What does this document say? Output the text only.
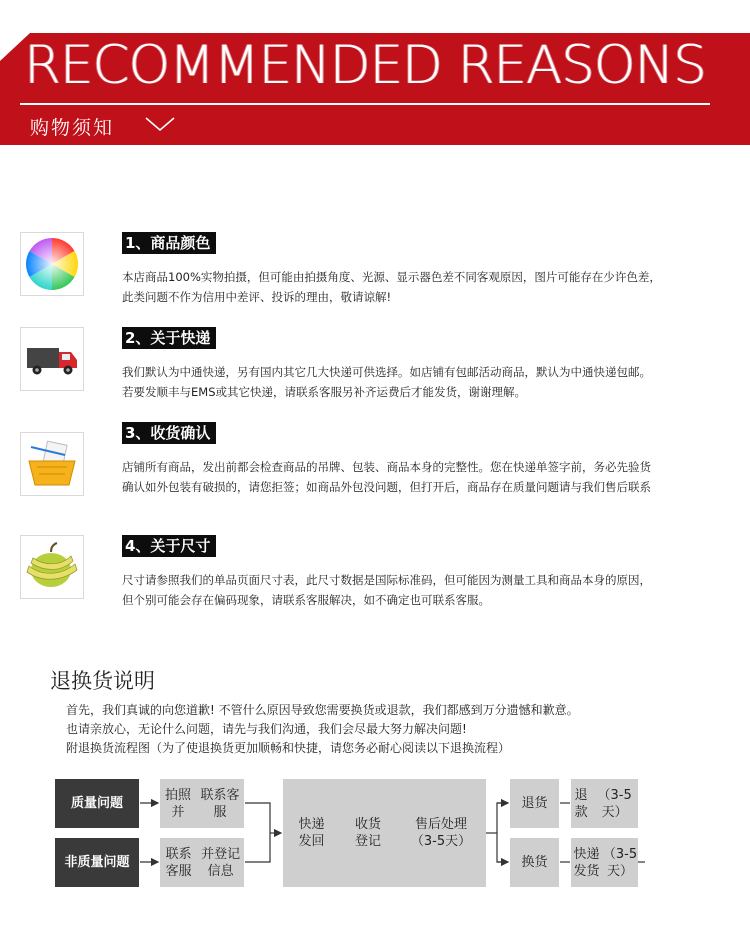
RECOMMENDED REASONS
购物须知
1、商品颜色
本店商品100%实物拍摄，但可能由拍摄角度、光源、显示器色差不同客观原因，图片可能存在少许色差，
此类问题不作为信用中差评、投诉的理由，敬请谅解!
2、关于快递
我们默认为中通快递，另有国内其它几大快递可供选择。如店铺有包邮活动商品，默认为中通快递包邮。
若要发顺丰与EMS或其它快递，请联系客服另补齐运费后才能发货，谢谢理解。
3、收货确认
店铺所有商品，发出前都会检查商品的吊牌、包装、商品本身的完整性。您在快递单签字前，务必先验货
确认如外包装有破损的，请您拒签；如商品外包没问题，但打开后，商品存在质量问题请与我们售后联系
4、关于尺寸
尺寸请参照我们的单品页面尺寸表，此尺寸数据是国际标准码，但可能因为测量工具和商品本身的原因，
但个别可能会存在偏码现象，请联系客服解决，如不确定也可联系客服。
退换货说明
首先，我们真诚的向您道歉! 不管什么原因导致您需要换货或退款，我们都感到万分遗憾和歉意。
也请亲放心，无论什么问题，请先与我们沟通，我们会尽最大努力解决问题!
附退换货流程图（为了使退换货更加顺畅和快捷，请您务必耐心阅读以下退换流程）
质量问题
非质量问题
拍照并
联系客服
联系客服
并登记信息
快递
发回
收货
登记
售后处理
（3-5天）
退货
换货
退款
（3-5天）
快递发货
（3-5天）
